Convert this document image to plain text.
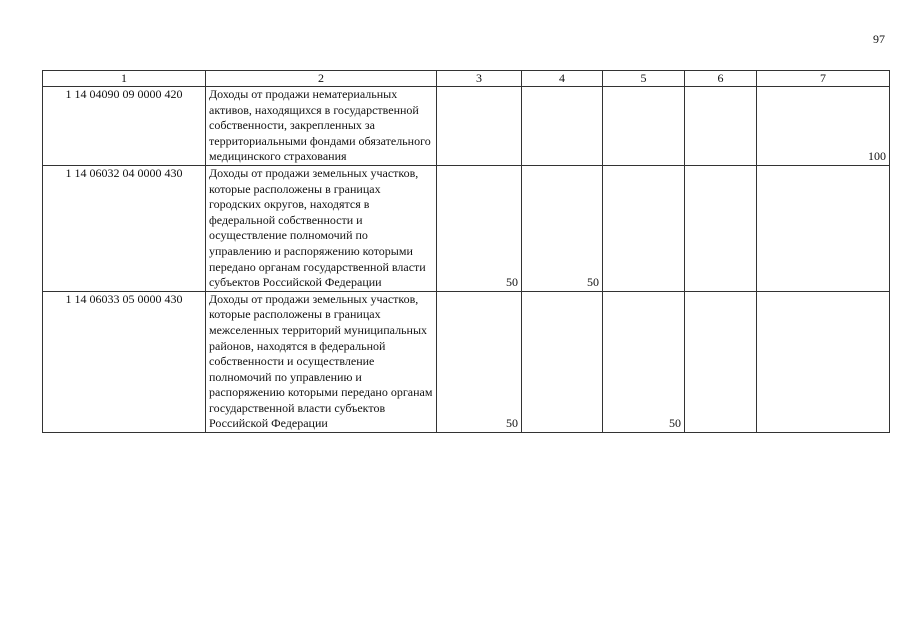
97
1	2	3	4	5	6	7
1 14 04090 09 0000 420	Доходы от продажи нематериальных активов, находящихся в государственной собственности, закрепленных за территориальными фондами обязательного медицинского страхования					100
1 14 06032 04 0000 430	Доходы от продажи земельных участков, которые расположены в границах городских округов, находятся в федеральной собственности и осуществление полномочий по управлению и распоряжению которыми передано органам государственной власти субъектов Российской Федерации	50	50			
1 14 06033 05 0000 430	Доходы от продажи земельных участков, которые расположены в границах межселенных территорий муниципальных районов, находятся в федеральной собственности и осуществление полномочий по управлению и распоряжению которыми передано органам государственной власти субъектов Российской Федерации	50		50		
